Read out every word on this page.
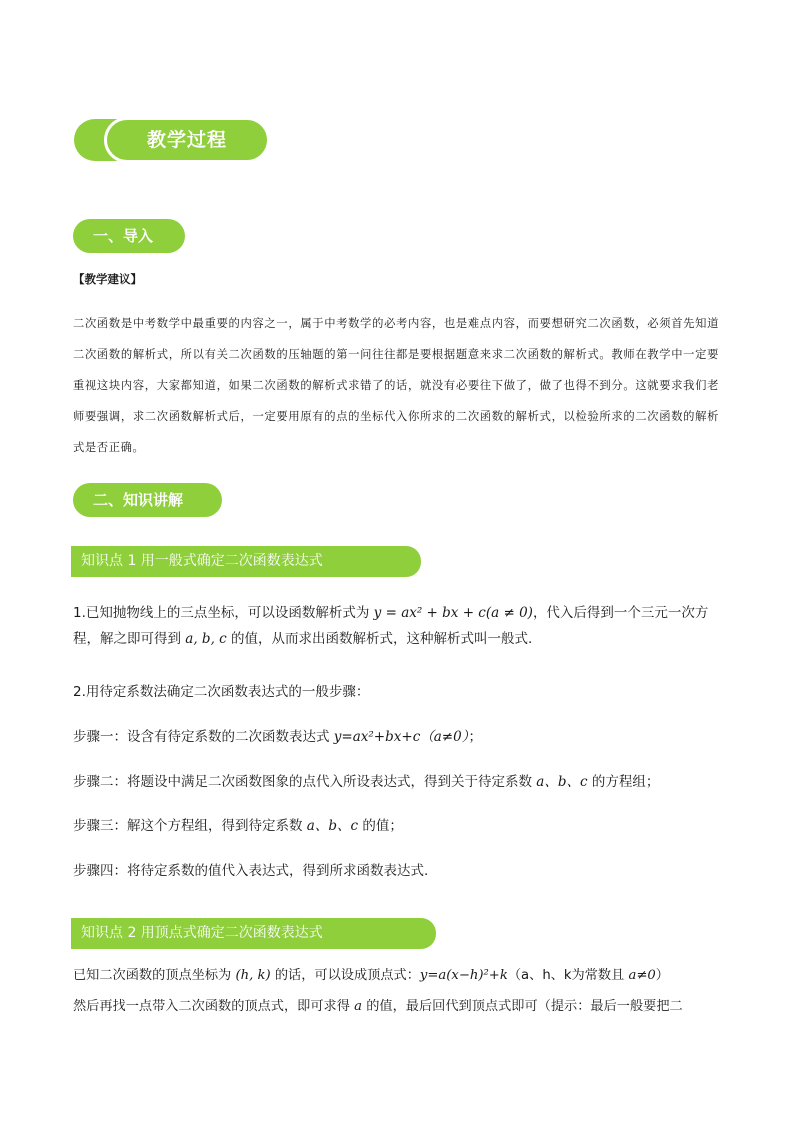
教学过程
一、导入
【教学建议】
二次函数是中考数学中最重要的内容之一，属于中考数学的必考内容，也是难点内容，而要想研究二次函数，必须首先知道二次函数的解析式，所以有关二次函数的压轴题的第一问往往都是要根据题意来求二次函数的解析式。教师在教学中一定要重视这块内容，大家都知道，如果二次函数的解析式求错了的话，就没有必要往下做了，做了也得不到分。这就要求我们老师要强调，求二次函数解析式后，一定要用原有的点的坐标代入你所求的二次函数的解析式，以检验所求的二次函数的解析式是否正确。
二、知识讲解
知识点 1 用一般式确定二次函数表达式
1.已知抛物线上的三点坐标，可以设函数解析式为 y = ax² + bx + c(a ≠ 0)，代入后得到一个三元一次方程，解之即可得到 a, b, c 的值，从而求出函数解析式，这种解析式叫一般式.
2.用待定系数法确定二次函数表达式的一般步骤：
步骤一：设含有待定系数的二次函数表达式 y=ax²+bx+c（a≠0）；
步骤二：将题设中满足二次函数图象的点代入所设表达式，得到关于待定系数 a、b、c 的方程组；
步骤三：解这个方程组，得到待定系数 a、b、c 的值；
步骤四：将待定系数的值代入表达式，得到所求函数表达式.
知识点 2 用顶点式确定二次函数表达式
已知二次函数的顶点坐标为 (h, k) 的话，可以设成顶点式：y=a(x−h)²+k（a、h、k为常数且 a≠0）
然后再找一点带入二次函数的顶点式，即可求得 a 的值，最后回代到顶点式即可（提示：最后一般要把二
